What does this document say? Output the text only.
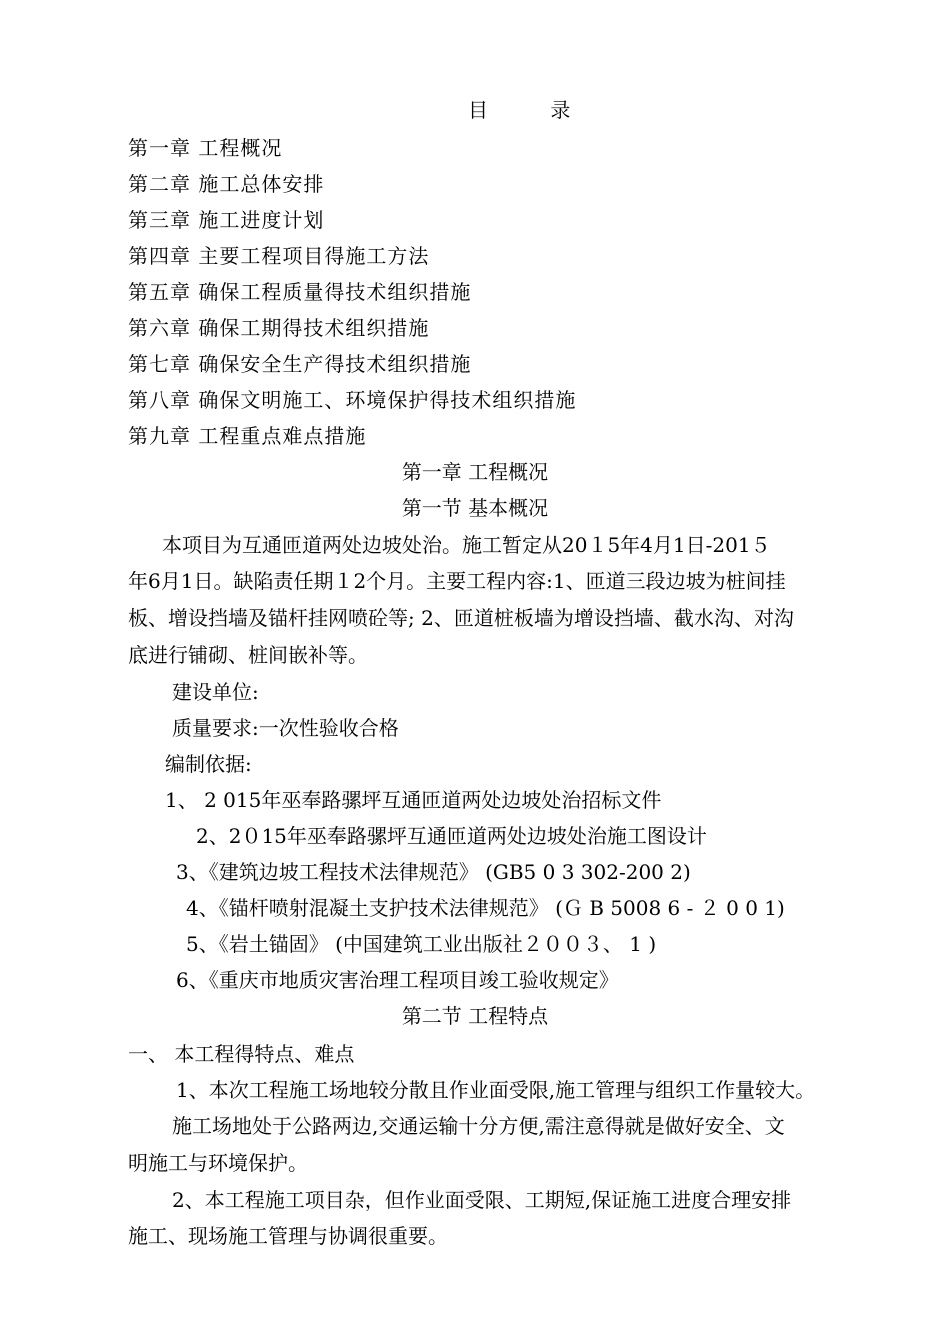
目 录
第一章 工程概况
第二章 施工总体安排
第三章 施工进度计划
第四章 主要工程项目得施工方法
第五章 确保工程质量得技术组织措施
第六章 确保工期得技术组织措施
第七章 确保安全生产得技术组织措施
第八章 确保文明施工、环境保护得技术组织措施
第九章 工程重点难点措施
第一章 工程概况
第一节 基本概况
本项目为互通匝道两处边坡处治。施工暂定从20１5年4月1日-201５
年6月1日。缺陷责任期１2个月。主要工程内容:1、匝道三段边坡为桩间挂
板、增设挡墙及锚杆挂网喷砼等; 2、匝道桩板墙为增设挡墙、截水沟、对沟
底进行铺砌、桩间嵌补等。
建设单位:
质量要求:一次性验收合格
编制依据:
1、 2 015年巫奉路骡坪互通匝道两处边坡处治招标文件
2、2０15年巫奉路骡坪互通匝道两处边坡处治施工图设计
3、《建筑边坡工程技术法律规范》 (GB5 0 3 302-200 2)
4、《锚杆喷射混凝土支护技术法律规范》 (Ｇ B 5008 6 - ２ 0 0 1)
5、《岩土锚固》 (中国建筑工业出版社２００３、 1 )
6、《重庆市地质灾害治理工程项目竣工验收规定》
第二节 工程特点
一、 本工程得特点、难点
1、本次工程施工场地较分散且作业面受限,施工管理与组织工作量较大。
施工场地处于公路两边,交通运输十分方便,需注意得就是做好安全、文
明施工与环境保护。
2、本工程施工项目杂，但作业面受限、工期短,保证施工进度合理安排
施工、现场施工管理与协调很重要。
